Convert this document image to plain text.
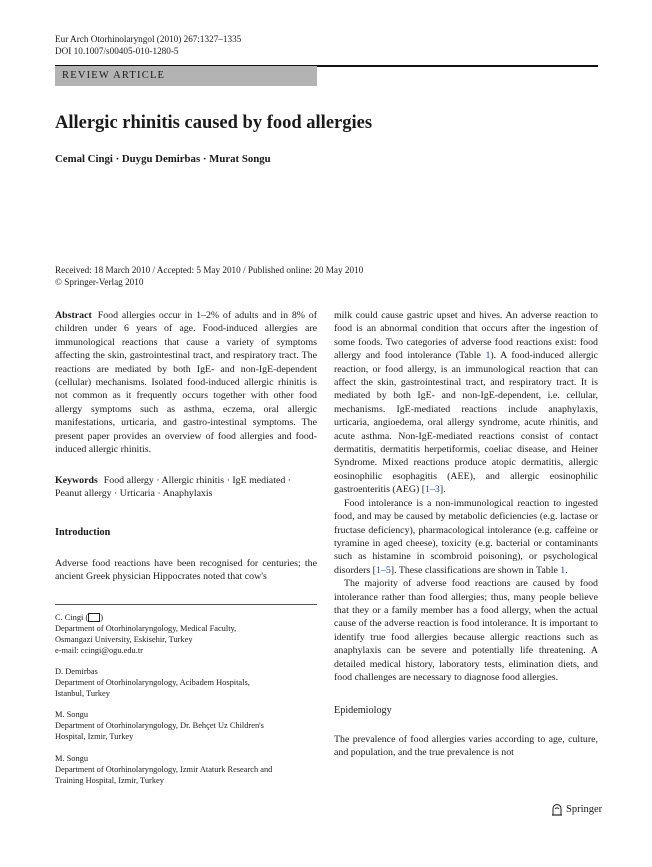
Eur Arch Otorhinolaryngol (2010) 267:1327–1335
DOI 10.1007/s00405-010-1280-5
REVIEW ARTICLE
Allergic rhinitis caused by food allergies
Cemal Cingi · Duygu Demirbas · Murat Songu
Received: 18 March 2010 / Accepted: 5 May 2010 / Published online: 20 May 2010
© Springer-Verlag 2010

Abstract Food allergies occur in 1–2% of adults and in 8% of children under 6 years of age. Food-induced allergies are immunological reactions that cause a variety of symptoms affecting the skin, gastrointestinal tract, and respiratory tract. The reactions are mediated by both IgE- and non-IgE-dependent (cellular) mechanisms. Isolated food-induced allergic rhinitis is not common as it frequently occurs together with other food allergy symptoms such as asthma, eczema, oral allergic manifestations, urticaria, and gastro-intestinal symptoms. The present paper provides an overview of food allergies and food-induced allergic rhinitis.

Keywords Food allergy · Allergic rhinitis · IgE mediated · Peanut allergy · Urticaria · Anaphylaxis

Introduction

Adverse food reactions have been recognised for centuries; the ancient Greek physician Hippocrates noted that cow's

C. Cingi ( )

Department of Otorhinolaryngology, Medical Faculty,

Osmangazi University, Eskisehir, Turkey

e-mail: ccingi@ogu.edu.tr

D. Demirbas

Department of Otorhinolaryngology, Acibadem Hospitals,

Istanbul, Turkey

M. Songu

Department of Otorhinolaryngology, Dr. Behçet Uz Children's

Hospital, Izmir, Turkey

M. Songu

Department of Otorhinolaryngology, Izmir Ataturk Research and

Training Hospital, Izmir, Turkey

milk could cause gastric upset and hives. An adverse reaction to food is an abnormal condition that occurs after the ingestion of some foods. Two categories of adverse food reactions exist: food allergy and food intolerance (Table 1). A food-induced allergic reaction, or food allergy, is an immunological reaction that can affect the skin, gastrointestinal tract, and respiratory tract. It is mediated by both IgE- and non-IgE-dependent, i.e. cellular, mechanisms. IgE-mediated reactions include anaphylaxis, urticaria, angioedema, oral allergy syndrome, acute rhinitis, and acute asthma. Non-IgE-mediated reactions consist of contact dermatitis, dermatitis herpetiformis, coeliac disease, and Heiner Syndrome. Mixed reactions produce atopic dermatitis, allergic eosinophilic esophagitis (AEE), and allergic eosinophilic gastroenteritis (AEG) [1–3].

Food intolerance is a non-immunological reaction to ingested food, and may be caused by metabolic deficiencies (e.g. lactase or fructase deficiency), pharmacological intolerance (e.g. caffeine or tyramine in aged cheese), toxicity (e.g. bacterial or contaminants such as histamine in scombroid poisoning), or psychological disorders [1–5]. These classifications are shown in Table 1.

The majority of adverse food reactions are caused by food intolerance rather than food allergies; thus, many people believe that they or a family member has a food allergy, when the actual cause of the adverse reaction is food intolerance. It is important to identify true food allergies because allergic reactions such as anaphylaxis can be severe and potentially life threatening. A detailed medical history, laboratory tests, elimination diets, and food challenges are necessary to diagnose food allergies.

Epidemiology

The prevalence of food allergies varies according to age, culture, and population, and the true prevalence is not

Springer
